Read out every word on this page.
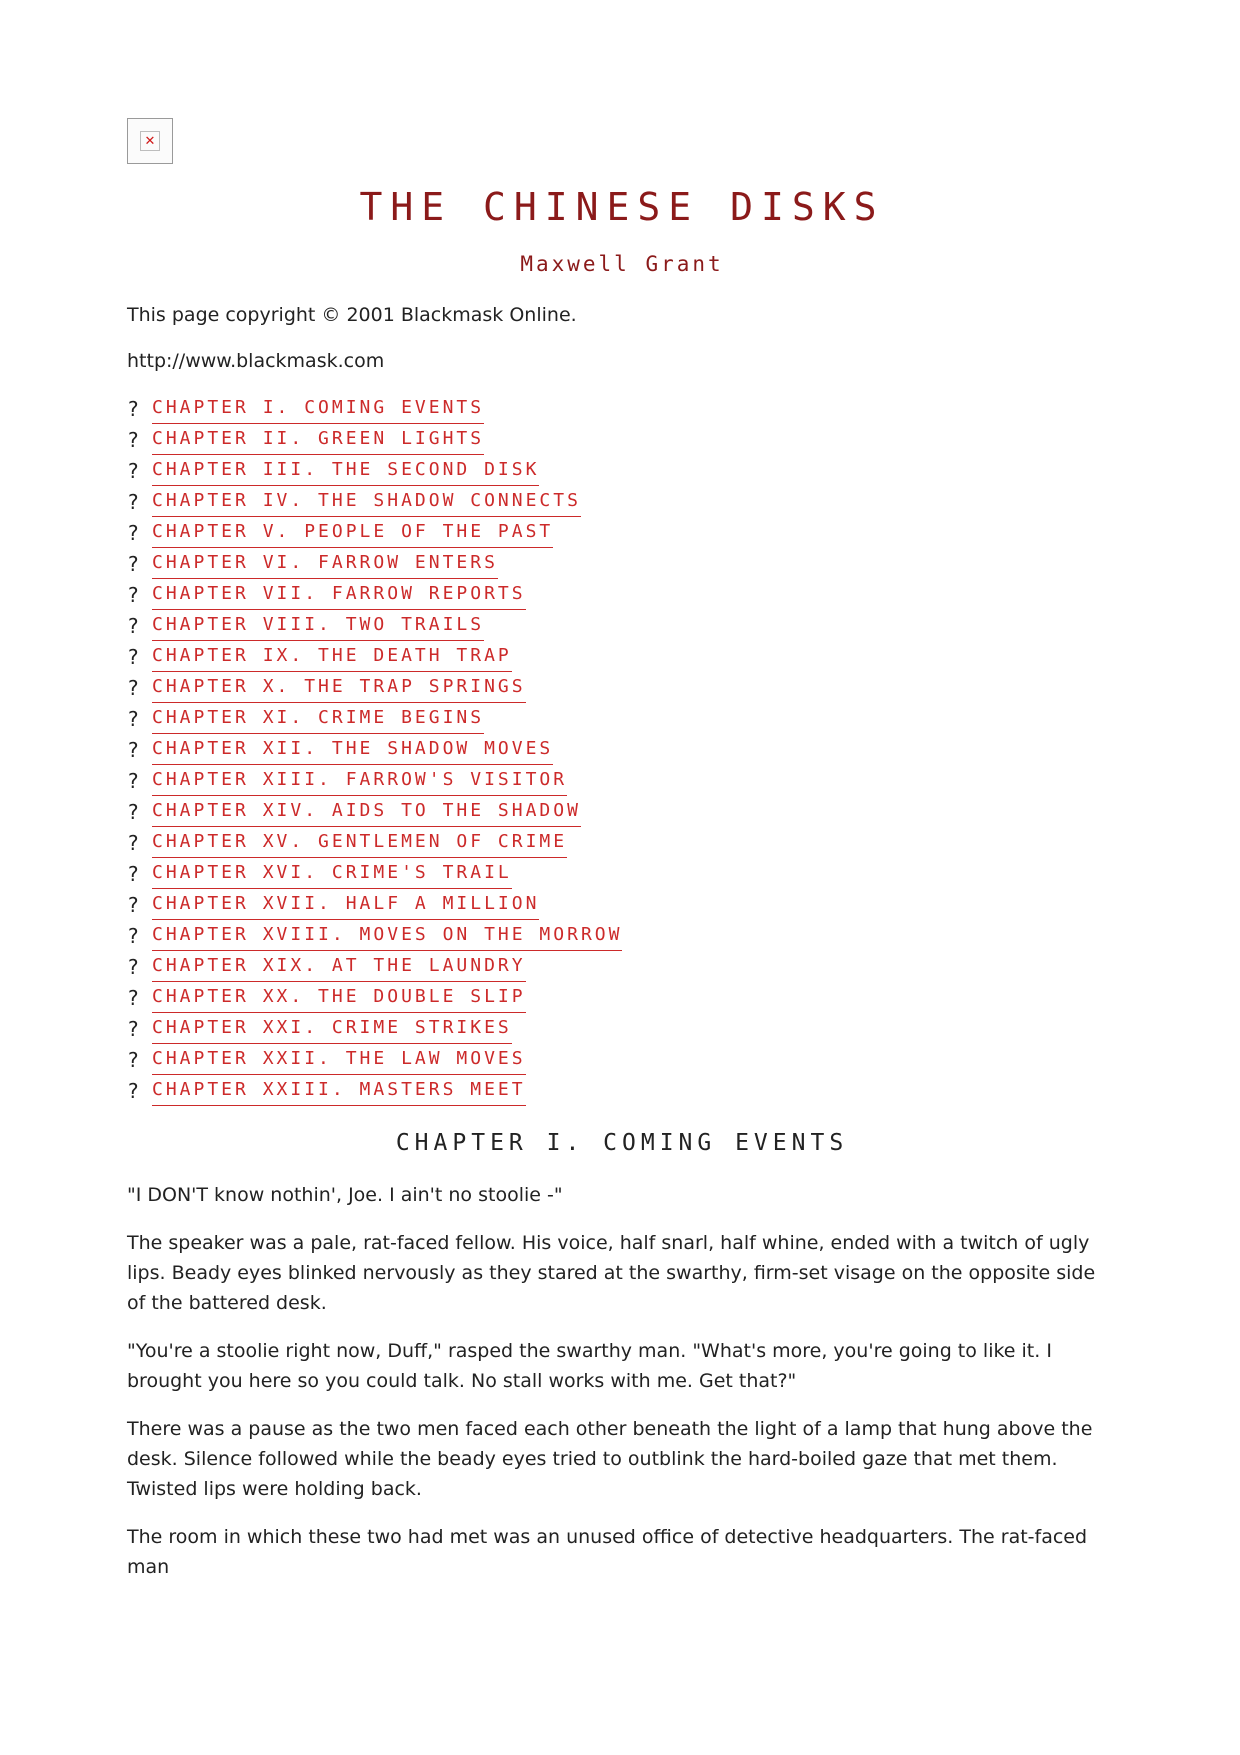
✕
THE CHINESE DISKS
Maxwell Grant
This page copyright © 2001 Blackmask Online.
http://www.blackmask.com
? CHAPTER I. COMING EVENTS
? CHAPTER II. GREEN LIGHTS
? CHAPTER III. THE SECOND DISK
? CHAPTER IV. THE SHADOW CONNECTS
? CHAPTER V. PEOPLE OF THE PAST
? CHAPTER VI. FARROW ENTERS
? CHAPTER VII. FARROW REPORTS
? CHAPTER VIII. TWO TRAILS
? CHAPTER IX. THE DEATH TRAP
? CHAPTER X. THE TRAP SPRINGS
? CHAPTER XI. CRIME BEGINS
? CHAPTER XII. THE SHADOW MOVES
? CHAPTER XIII. FARROW'S VISITOR
? CHAPTER XIV. AIDS TO THE SHADOW
? CHAPTER XV. GENTLEMEN OF CRIME
? CHAPTER XVI. CRIME'S TRAIL
? CHAPTER XVII. HALF A MILLION
? CHAPTER XVIII. MOVES ON THE MORROW
? CHAPTER XIX. AT THE LAUNDRY
? CHAPTER XX. THE DOUBLE SLIP
? CHAPTER XXI. CRIME STRIKES
? CHAPTER XXII. THE LAW MOVES
? CHAPTER XXIII. MASTERS MEET
CHAPTER I. COMING EVENTS

"I DON'T know nothin', Joe. I ain't no stoolie -"

The speaker was a pale, rat-faced fellow. His voice, half snarl, half whine, ended with a twitch of ugly lips. Beady eyes blinked nervously as they stared at the swarthy, firm-set visage on the opposite side of the battered desk.

"You're a stoolie right now, Duff," rasped the swarthy man. "What's more, you're going to like it. I brought you here so you could talk. No stall works with me. Get that?"

There was a pause as the two men faced each other beneath the light of a lamp that hung above the desk. Silence followed while the beady eyes tried to outblink the hard-boiled gaze that met them. Twisted lips were holding back.

The room in which these two had met was an unused office of detective headquarters. The rat-faced man
